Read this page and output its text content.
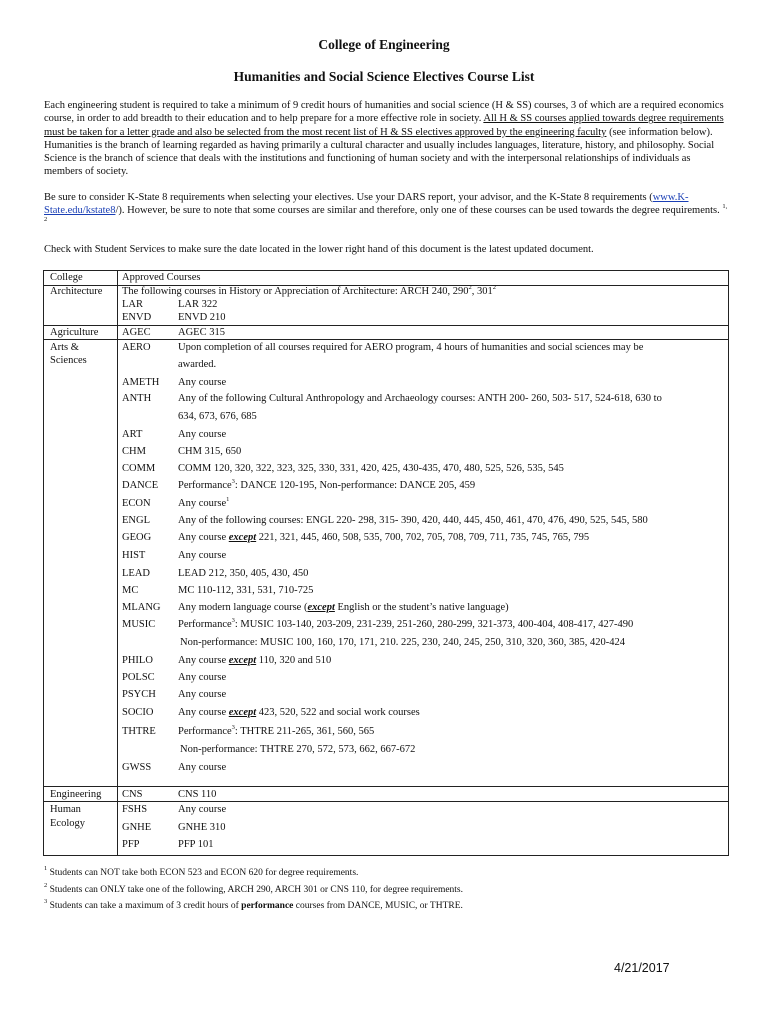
College of Engineering
Humanities and Social Science Electives Course List
Each engineering student is required to take a minimum of 9 credit hours of humanities and social science (H & SS) courses, 3 of which are a required economics course, in order to add breadth to their education and to help prepare for a more effective role in society. All H & SS courses applied towards degree requirements must be taken for a letter grade and also be selected from the most recent list of H & SS electives approved by the engineering faculty (see information below). Humanities is the branch of learning regarded as having primarily a cultural character and usually includes languages, literature, history, and philosophy. Social Science is the branch of science that deals with the institutions and functioning of human society and with the interpersonal relationships of individuals as members of society.
Be sure to consider K-State 8 requirements when selecting your electives. Use your DARS report, your advisor, and the K-State 8 requirements (www.K-State.edu/kstate8/). However, be sure to note that some courses are similar and therefore, only one of these courses can be used towards the degree requirements. $^{1, 2}$
Check with Student Services to make sure the date located in the lower right hand of this document is the latest updated document.
College	Approved Courses
Architecture The following courses in History or Appreciation of Architecture: ARCH 240, $290^2$, $301^2$
LAR	LAR 322
ENVD	ENVD 210
Agriculture AGEC	AGEC 315
Arts &
Sciences
AERO	Upon completion of all courses required for AERO program, 4 hours of humanities and social sciences may be
awarded.
AMETH Any course
ANTH	Any of the following Cultural Anthropology and Archaeology courses: ANTH 200- 260, 503- 517, 524-618, 630 to
634, 673, 676, 685
ART	Any course
CHM	CHM 315, 650
COMM COMM 120, 320, 322, 323, 325, 330, 331, 420, 425, 430-435, 470, 480, 525, 526, 535, 545
DANCE Performance$^3$: DANCE 120-195, Non-performance: DANCE 205, 459
ECON	Any course$^1$
ENGL	Any of the following courses: ENGL 220- 298, 315- 390, 420, 440, 445, 450, 461, 470, 476, 490, 525, 545, 580
GEOG	Any course except 221, 321, 445, 460, 508, 535, 700, 702, 705, 708, 709, 711, 735, 745, 765, 795
HIST	Any course
LEAD	LEAD 212, 350, 405, 430, 450
MC	MC 110-112, 331, 531, 710-725
MLANG Any modern language course (except English or the student’s native language)
MUSIC Performance$^3$: MUSIC 103-140, 203-209, 231-239, 251-260, 280-299, 321-373, 400-404, 408-417, 427-490
Non-performance: MUSIC 100, 160, 170, 171, 210. 225, 230, 240, 245, 250, 310, 320, 360, 385, 420-424
PHILO Any course except 110, 320 and 510
POLSC Any course
PSYCH Any course
SOCIO Any course except 423, 520, 522 and social work courses
THTRE Performance$^3$: THTRE 211-265, 361, 560, 565
Non-performance: THTRE 270, 572, 573, 662, 667-672
GWSS	Any course
Engineering CNS	CNS 110
Human
Ecology
FSHS	Any course
GNHE	GNHE 310
PFP	PFP 101
$^1$ Students can NOT take both ECON 523 and ECON 620 for degree requirements.
$^2$ Students can ONLY take one of the following, ARCH 290, ARCH 301 or CNS 110, for degree requirements.
$^3$ Students can take a maximum of 3 credit hours of performance courses from DANCE, MUSIC, or THTRE.
4/21/2017
